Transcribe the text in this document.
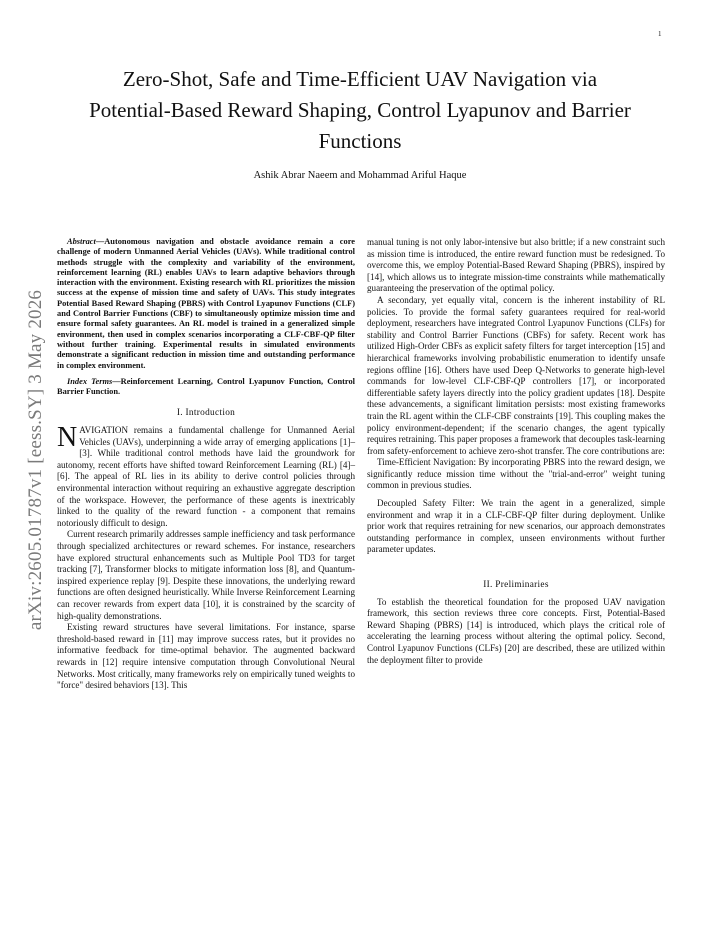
1
arXiv:2605.01787v1 [eess.SY] 3 May 2026
Zero-Shot, Safe and Time-Efficient UAV Navigation via
Potential-Based Reward Shaping, Control Lyapunov and Barrier
Functions
Ashik Abrar Naeem and Mohammad Ariful Haque

Abstract—Autonomous navigation and obstacle avoidance remain a core challenge of modern Unmanned Aerial Vehicles (UAVs). While traditional control methods struggle with the complexity and variability of the environment, reinforcement learning (RL) enables UAVs to learn adaptive behaviors through interaction with the environment. Existing research with RL prioritizes the mission success at the expense of mission time and safety of UAVs. This study integrates Potential Based Reward Shaping (PBRS) with Control Lyapunov Functions (CLF) and Control Barrier Functions (CBF) to simultaneously optimize mission time and ensure formal safety guarantees. An RL model is trained in a generalized simple environment, then used in complex scenarios incorporating a CLF-CBF-QP filter without further training. Experimental results in simulated environments demonstrate a significant reduction in mission time and outstanding performance in complex environment.

Index Terms—Reinforcement Learning, Control Lyapunov Function, Control Barrier Function.

I. Introduction

NAVIGATION remains a fundamental challenge for Unmanned Aerial Vehicles (UAVs), underpinning a wide array of emerging applications [1]–[3]. While traditional control methods have laid the groundwork for autonomy, recent efforts have shifted toward Reinforcement Learning (RL) [4]–[6]. The appeal of RL lies in its ability to derive control policies through environmental interaction without requiring an exhaustive aggregate description of the workspace. However, the performance of these agents is inextricably linked to the quality of the reward function - a component that remains notoriously difficult to design.

Current research primarily addresses sample inefficiency and task performance through specialized architectures or reward schemes. For instance, researchers have explored structural enhancements such as Multiple Pool TD3 for target tracking [7], Transformer blocks to mitigate information loss [8], and Quantum-inspired experience replay [9]. Despite these innovations, the underlying reward functions are often designed heuristically. While Inverse Reinforcement Learning can recover rewards from expert data [10], it is constrained by the scarcity of high-quality demonstrations.

Existing reward structures have several limitations. For instance, sparse threshold-based reward in [11] may improve success rates, but it provides no informative feedback for time-optimal behavior. The augmented backward rewards in [12] require intensive computation through Convolutional Neural Networks. Most critically, many frameworks rely on empirically tuned weights to "force" desired behaviors [13]. This

manual tuning is not only labor-intensive but also brittle; if a new constraint such as mission time is introduced, the entire reward function must be redesigned. To overcome this, we employ Potential-Based Reward Shaping (PBRS), inspired by [14], which allows us to integrate mission-time constraints while mathematically guaranteeing the preservation of the optimal policy.

A secondary, yet equally vital, concern is the inherent instability of RL policies. To provide the formal safety guarantees required for real-world deployment, researchers have integrated Control Lyapunov Functions (CLFs) for stability and Control Barrier Functions (CBFs) for safety. Recent work has utilized High-Order CBFs as explicit safety filters for target interception [15] and hierarchical frameworks involving probabilistic enumeration to identify unsafe regions offline [16]. Others have used Deep Q-Networks to generate high-level commands for low-level CLF-CBF-QP controllers [17], or incorporated differentiable safety layers directly into the policy gradient updates [18]. Despite these advancements, a significant limitation persists: most existing frameworks train the RL agent within the CLF-CBF constraints [19]. This coupling makes the policy environment-dependent; if the scenario changes, the agent typically requires retraining. This paper proposes a framework that decouples task-learning from safety-enforcement to achieve zero-shot transfer. The core contributions are:

Time-Efficient Navigation: By incorporating PBRS into the reward design, we significantly reduce mission time without the "trial-and-error" weight tuning common in previous studies.

Decoupled Safety Filter: We train the agent in a generalized, simple environment and wrap it in a CLF-CBF-QP filter during deployment. Unlike prior work that requires retraining for new scenarios, our approach demonstrates outstanding performance in complex, unseen environments without further parameter updates.

II. Preliminaries

To establish the theoretical foundation for the proposed UAV navigation framework, this section reviews three core concepts. First, Potential-Based Reward Shaping (PBRS) [14] is introduced, which plays the critical role of accelerating the learning process without altering the optimal policy. Second, Control Lyapunov Functions (CLFs) [20] are described, these are utilized within the deployment filter to provide
